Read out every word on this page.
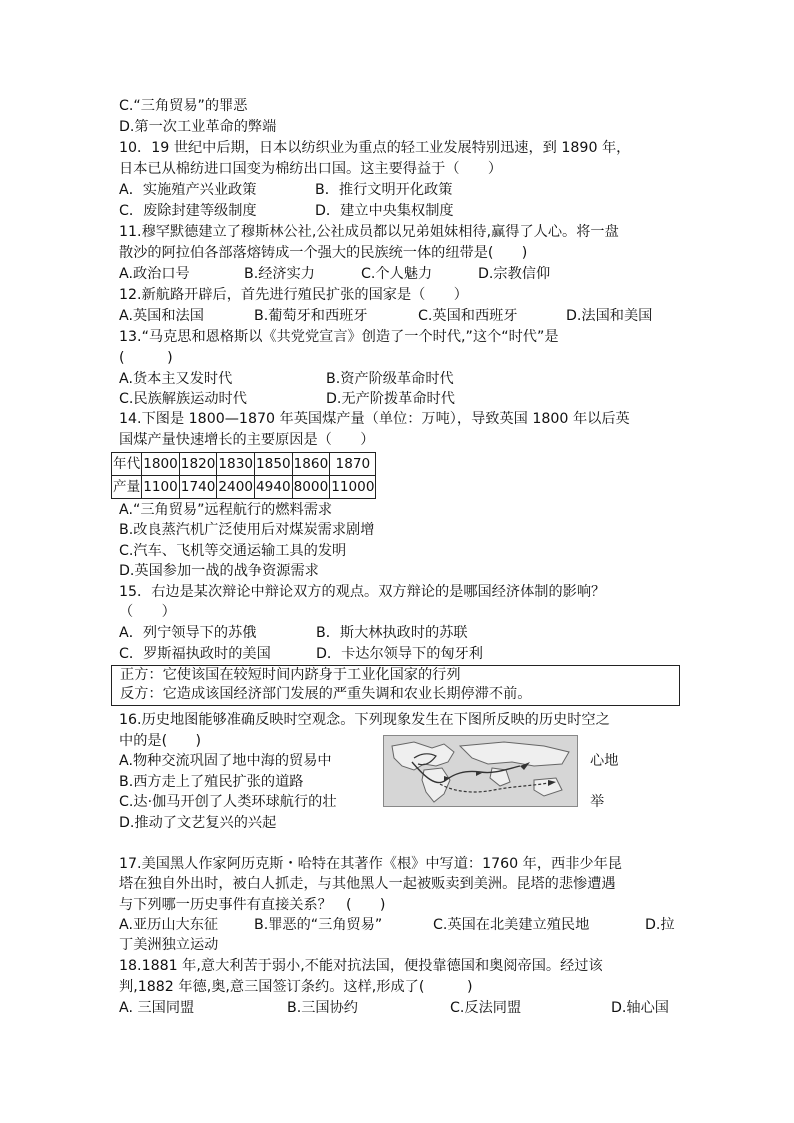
C.“三角贸易”的罪恶
D.第一次工业革命的弊端
10．19 世纪中后期，日本以纺织业为重点的轻工业发展特别迅速，到 1890 年，
日本已从棉纺进口国变为棉纺出口国。这主要得益于（　　）
A．实施殖产兴业政策	B．推行文明开化政策
C．废除封建等级制度	D．建立中央集权制度
11.穆罕默德建立了穆斯林公社,公社成员都以兄弟姐妹相待,赢得了人心。将一盘
散沙的阿拉伯各部落熔铸成一个强大的民族统一体的纽带是(　　)
A.政治口号	B.经济实力	C.个人魅力	D.宗教信仰
12.新航路开辟后，首先进行殖民扩张的国家是（　　）
A.英国和法国	B.葡萄牙和西班牙	C.英国和西班牙	D.法国和美国
13.“马克思和恩格斯以《共党党宣言》创造了一个时代,”这个“时代”是
(　　　)
A.货本主又发时代	B.资产阶级革命时代
C.民族解族运动时代	D.无产阶拨革命时代
14.下图是 1800—1870 年英国煤产量（单位：万吨），导致英国 1800 年以后英
国煤产量快速增长的主要原因是（　　）
年代	1800	1820	1830	1850	1860	1870
产量	1100	1740	2400	4940	8000	11000
A.“三角贸易”远程航行的燃料需求
B.改良蒸汽机广泛使用后对煤炭需求剧增
C.汽车、飞机等交通运输工具的发明
D.英国参加一战的战争资源需求
15．右边是某次辩论中辩论双方的观点。双方辩论的是哪国经济体制的影响？
（　　）
A．列宁领导下的苏俄	B．斯大林执政时的苏联
C．罗斯福执政时的美国	D．卡达尔领导下的匈牙利
正方：它使该国在较短时间内跻身于工业化国家的行列
反方：它造成该国经济部门发展的严重失调和农业长期停滞不前。
16.历史地图能够准确反映时空观念。下列现象发生在下图所反映的历史时空之
中的是(　　)
A.物种交流巩固了地中海的贸易中	心地
B.西方走上了殖民扩张的道路
C.达·伽马开创了人类环球航行的壮	举
D.推动了文艺复兴的兴起
17.美国黑人作家阿历克斯・哈特在其著作《根》中写道：1760 年，西非少年昆
塔在独自外出时，被白人抓走，与其他黑人一起被贩卖到美洲。昆塔的悲惨遭遇
与下列哪一历史事件有直接关系？　(　　)
A.亚历山大东征	B.罪恶的“三角贸易”	C.英国在北美建立殖民地	D.拉
丁美洲独立运动
18.1881 年,意大利苦于弱小,不能对抗法国，便投靠德国和奥阅帝国。经过该
判,1882 年德,奥,意三国签订条约。这样,形成了(　　　)
A. 三国同盟	B.三国协约	C.反法同盟	D.轴心国
